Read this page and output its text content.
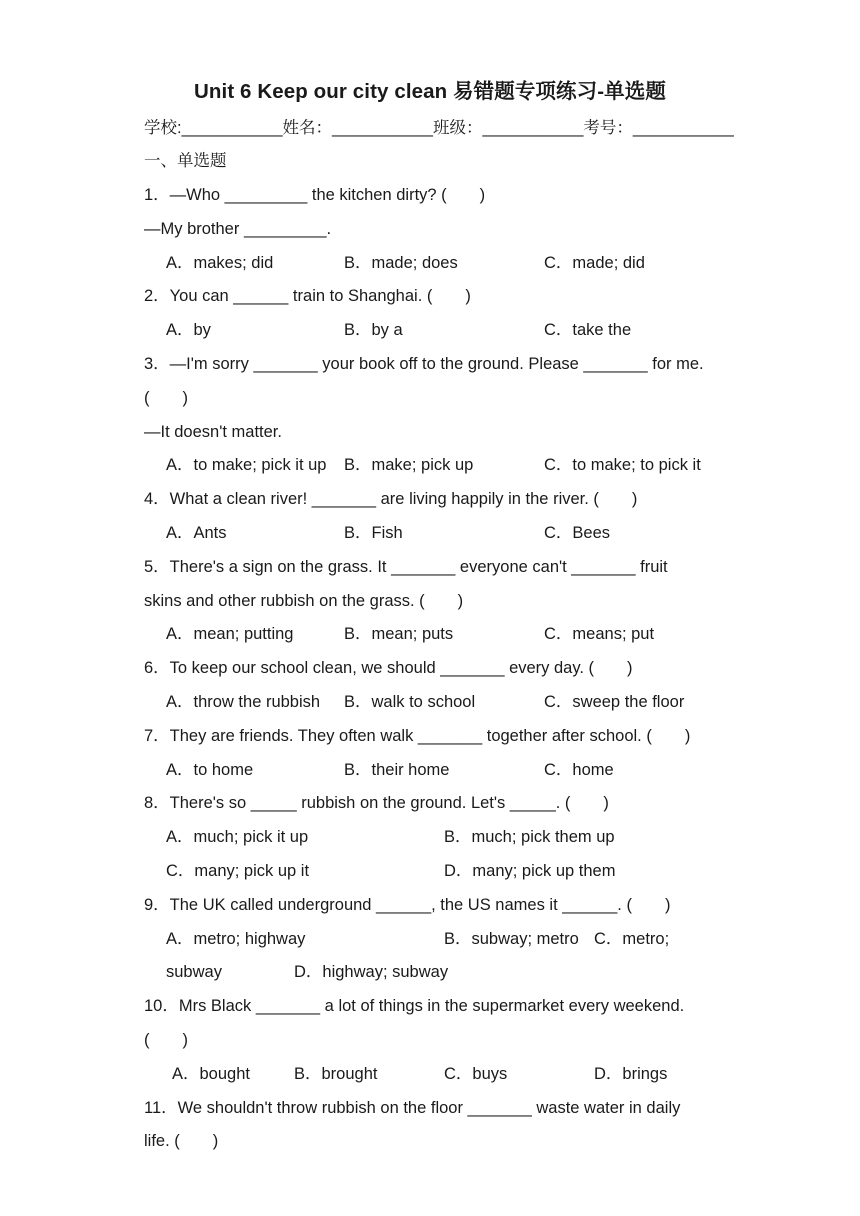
Unit 6 Keep our city clean 易错题专项练习-单选题
学校:___________姓名：___________班级：___________考号：___________
一、单选题
1．—Who _________ the kitchen dirty? (　　)
—My brother _________.
A．makes; did	B．made; does	C．made; did
2．You can ______ train to Shanghai. (　　)
A．by	B．by a	C．take the
3．—I'm sorry _______ your book off to the ground. Please _______ for me.
(　　)
—It doesn't matter.
A．to make; pick it up B．make; pick up	C．to make; to pick it
4．What a clean river! _______ are living happily in the river. (　　)
A．Ants	B．Fish	C．Bees
5．There's a sign on the grass. It _______ everyone can't _______ fruit
skins and other rubbish on the grass. (　　)
A．mean; putting	B．mean; puts	C．means; put
6．To keep our school clean, we should _______ every day. (　　)
A．throw the rubbish B．walk to school	C．sweep the floor
7．They are friends. They often walk _______ together after school. (　　)
A．to home	B．their home	C．home
8．There's so _____ rubbish on the ground. Let's _____. (　　)
A．much; pick it up	B．much; pick them up
C．many; pick up it	D．many; pick up them
9．The UK called underground ______, the US names it ______. (　　)
A．metro; highway	B．subway; metro C．metro;
subway	D．highway; subway
10．Mrs Black _______ a lot of things in the supermarket every weekend.
(　　)
A．bought	B．brought	C．buys	D．brings
11．We shouldn't throw rubbish on the floor _______ waste water in daily
life. (　　)
